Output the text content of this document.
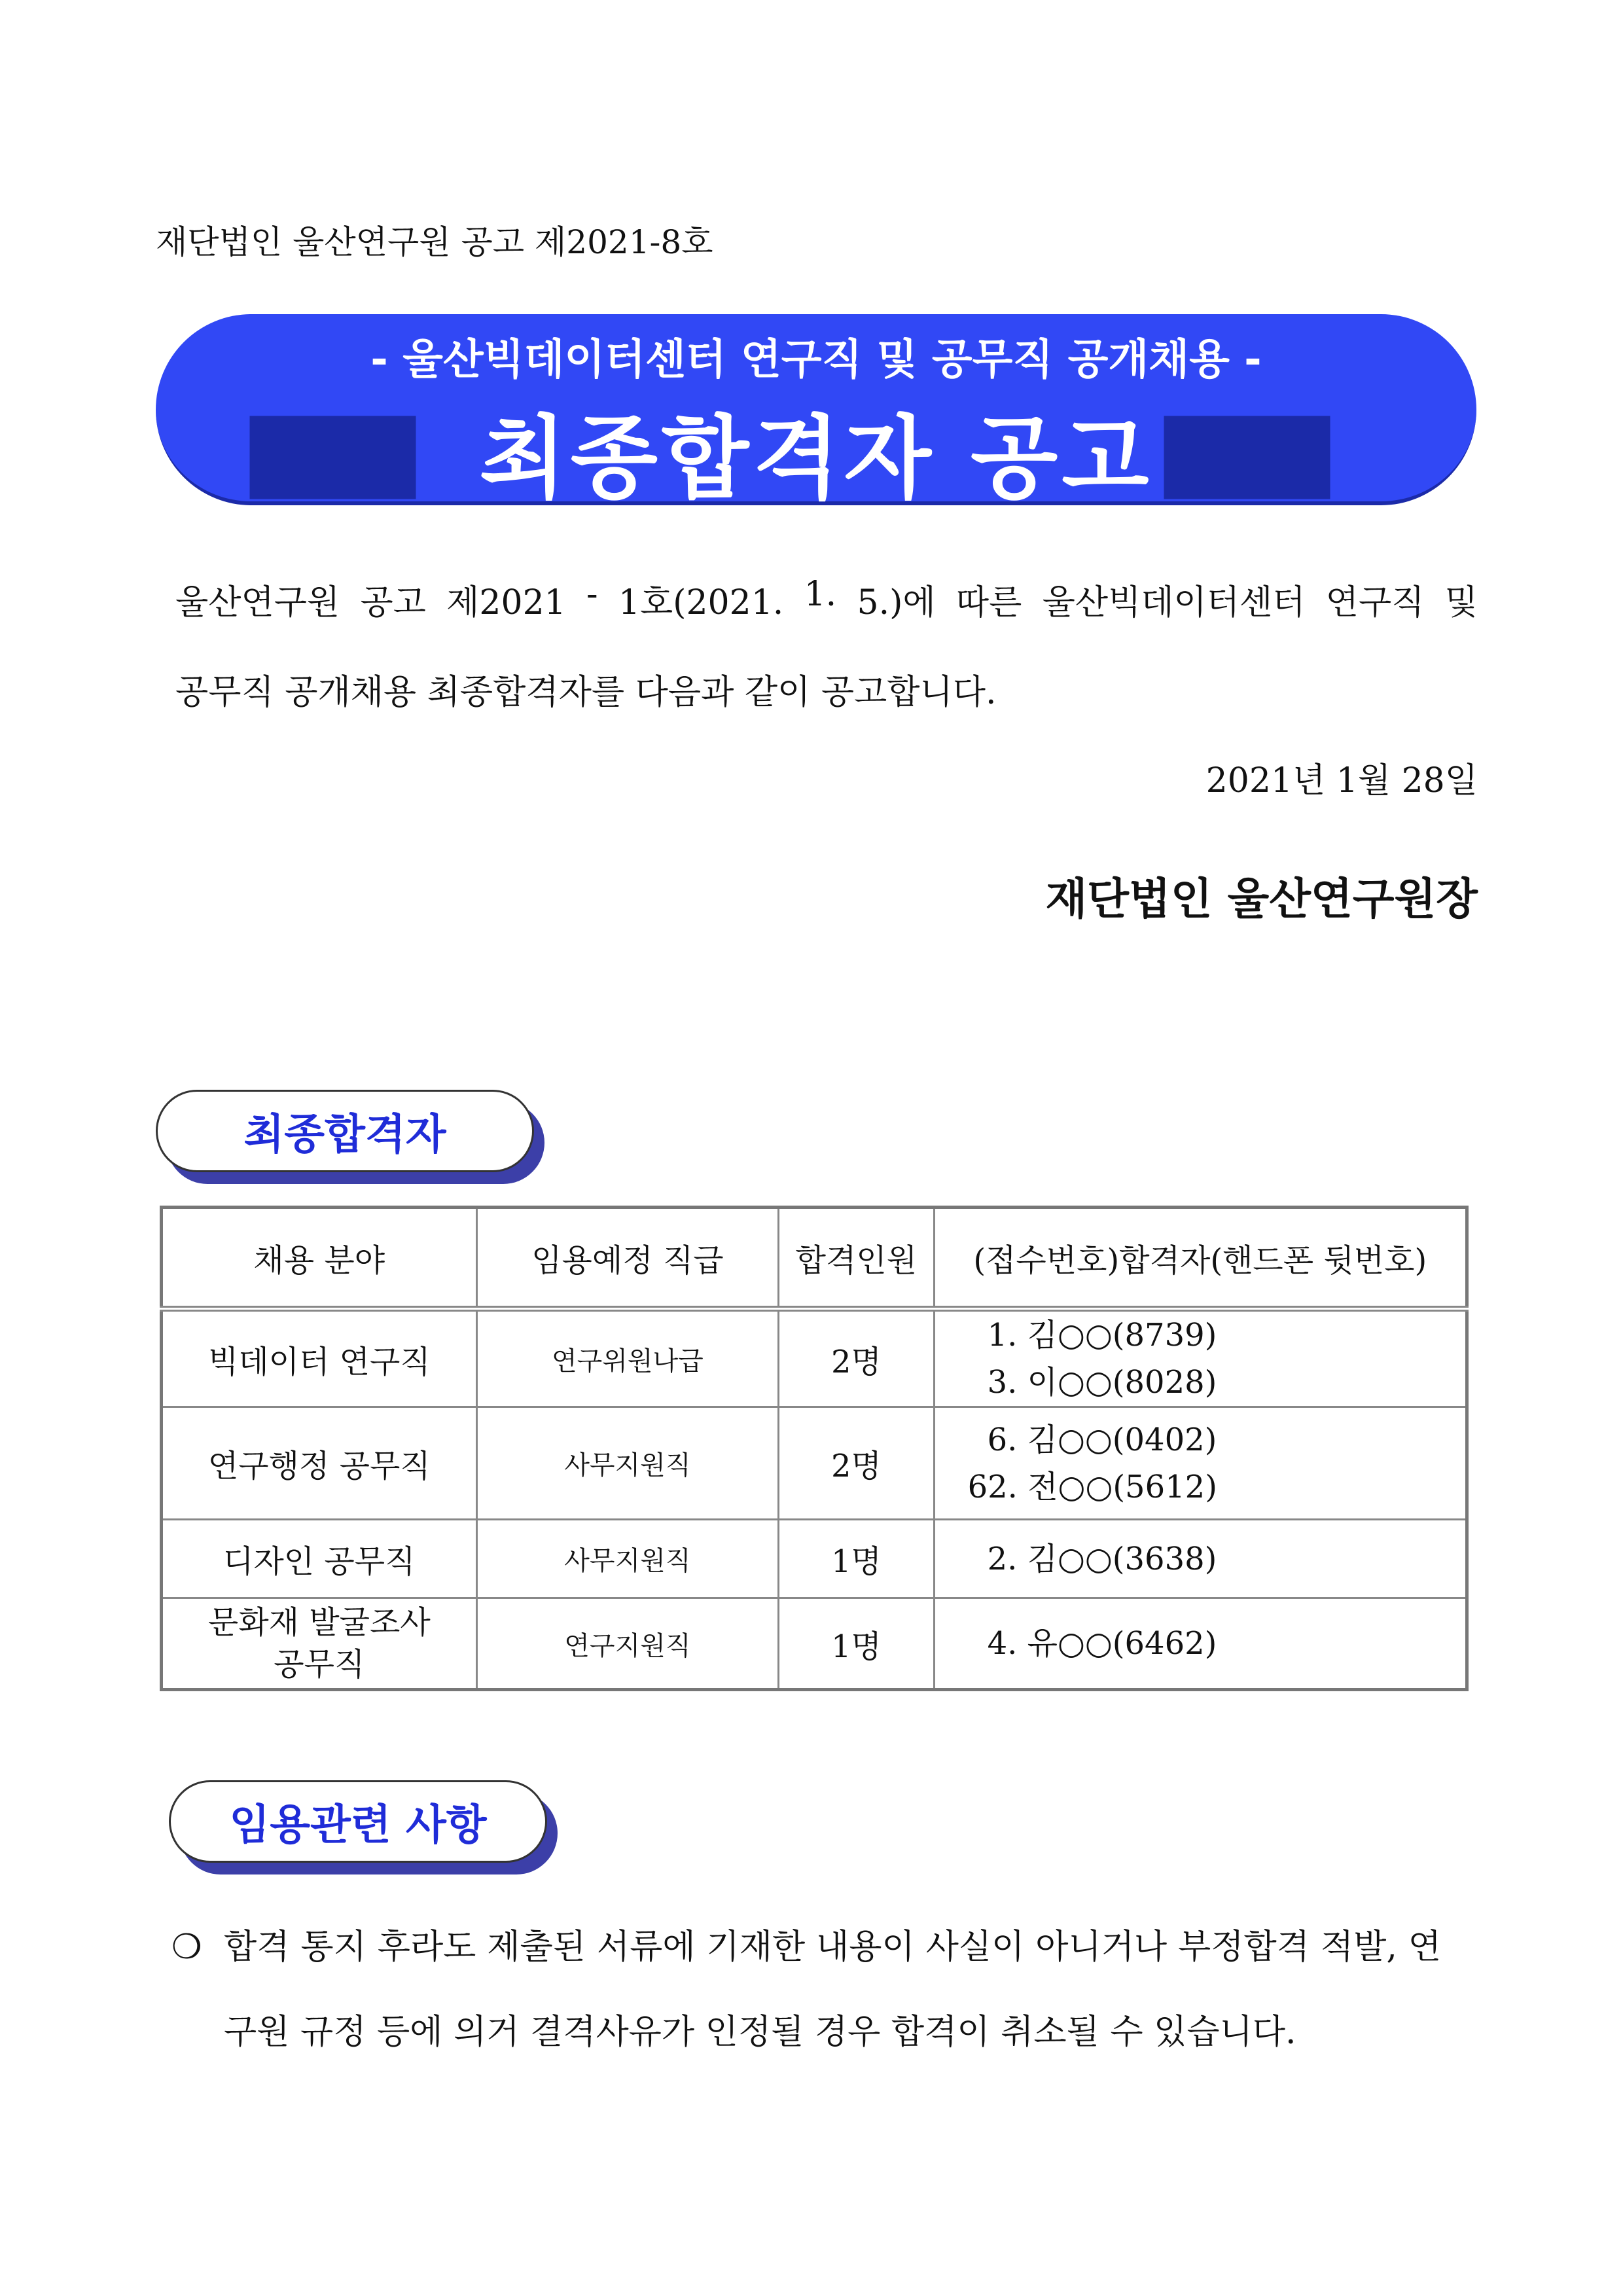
재단법인 울산연구원 공고 제2021-8호
- 울산빅데이터센터 연구직 및 공무직 공개채용 -
최종합격자 공고
울산연구원 공고 제2021 - 1호(2021. 1. 5.)에 따른 울산빅데이터센터 연구직 및
공무직 공개채용 최종합격자를 다음과 같이 공고합니다.
2021년 1월 28일
재단법인 울산연구원장
최종합격자
채용 분야	임용예정 직급	합격인원	(접수번호)합격자(핸드폰 뒷번호)
빅데이터 연구직	연구위원나급	2명	1. 김○○(8739)
3. 이○○(8028)

연구행정 공무직	사무지원직	2명	6. 김○○(0402)
62. 전○○(5612)

디자인 공무직	사무지원직	1명	2. 김○○(3638)

문화재 발굴조사
공무직	연구지원직	1명	4. 유○○(6462)
임용관련 사항
❍ 합격 통지 후라도 제출된 서류에 기재한 내용이 사실이 아니거나 부정합격 적발, 연구원 규정 등에 의거 결격사유가 인정될 경우 합격이 취소될 수 있습니다.
